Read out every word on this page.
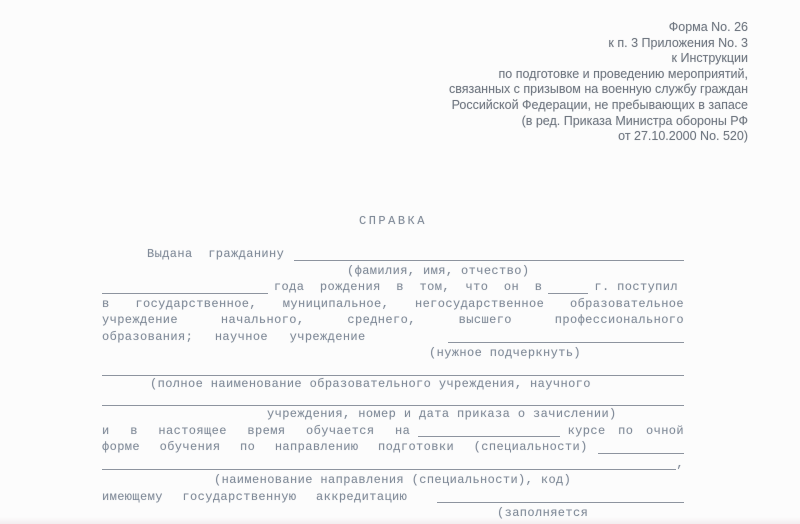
Форма No. 26
к п. 3 Приложения No. 3
к Инструкции
по подготовке и проведению мероприятий,
связанных с призывом на военную службу граждан
Российской Федерации, не пребывающих в запасе
(в ред. Приказа Министра обороны РФ
от 27.10.2000 No. 520)
СПРАВКА
Выдана гражданину
(фамилия, имя, отчество)
года рождения в том, что он в	г. поступил
в государственное, муниципальное, негосударственное образовательное
учреждение начального, среднего, высшего профессионального
образования; научное учреждение
(нужное подчеркнуть)
(полное наименование образовательного учреждения, научного
учреждения, номер и дата приказа о зачислении)
и в настоящее время обучается на	курсе по очной
форме обучения по направлению подготовки (специальности)
,
(наименование направления (специальности), код)
имеющему государственную аккредитацию
(заполняется
